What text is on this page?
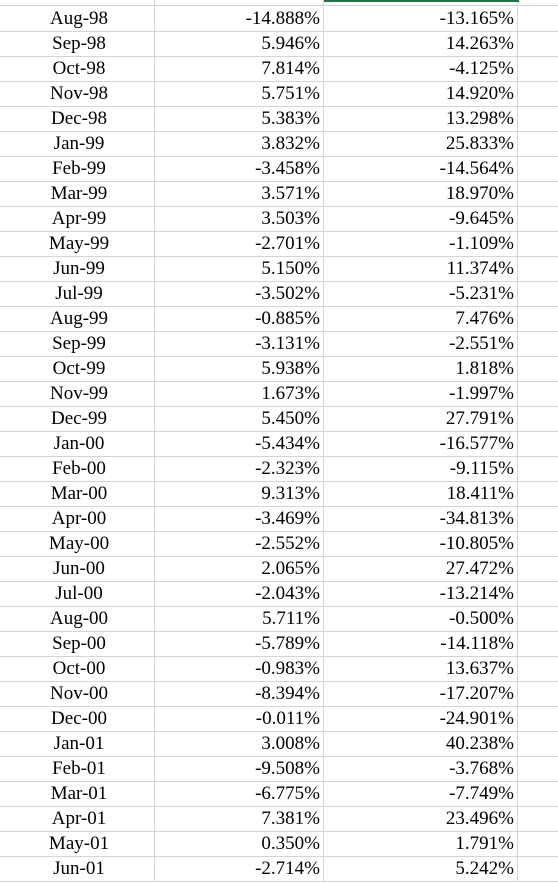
Aug-98	-14.888%	-13.165%
Sep-98	5.946%	14.263%
Oct-98	7.814%	-4.125%
Nov-98	5.751%	14.920%
Dec-98	5.383%	13.298%
Jan-99	3.832%	25.833%
Feb-99	-3.458%	-14.564%
Mar-99	3.571%	18.970%
Apr-99	3.503%	-9.645%
May-99	-2.701%	-1.109%
Jun-99	5.150%	11.374%
Jul-99	-3.502%	-5.231%
Aug-99	-0.885%	7.476%
Sep-99	-3.131%	-2.551%
Oct-99	5.938%	1.818%
Nov-99	1.673%	-1.997%
Dec-99	5.450%	27.791%
Jan-00	-5.434%	-16.577%
Feb-00	-2.323%	-9.115%
Mar-00	9.313%	18.411%
Apr-00	-3.469%	-34.813%
May-00	-2.552%	-10.805%
Jun-00	2.065%	27.472%
Jul-00	-2.043%	-13.214%
Aug-00	5.711%	-0.500%
Sep-00	-5.789%	-14.118%
Oct-00	-0.983%	13.637%
Nov-00	-8.394%	-17.207%
Dec-00	-0.011%	-24.901%
Jan-01	3.008%	40.238%
Feb-01	-9.508%	-3.768%
Mar-01	-6.775%	-7.749%
Apr-01	7.381%	23.496%
May-01	0.350%	1.791%
Jun-01	-2.714%	5.242%
